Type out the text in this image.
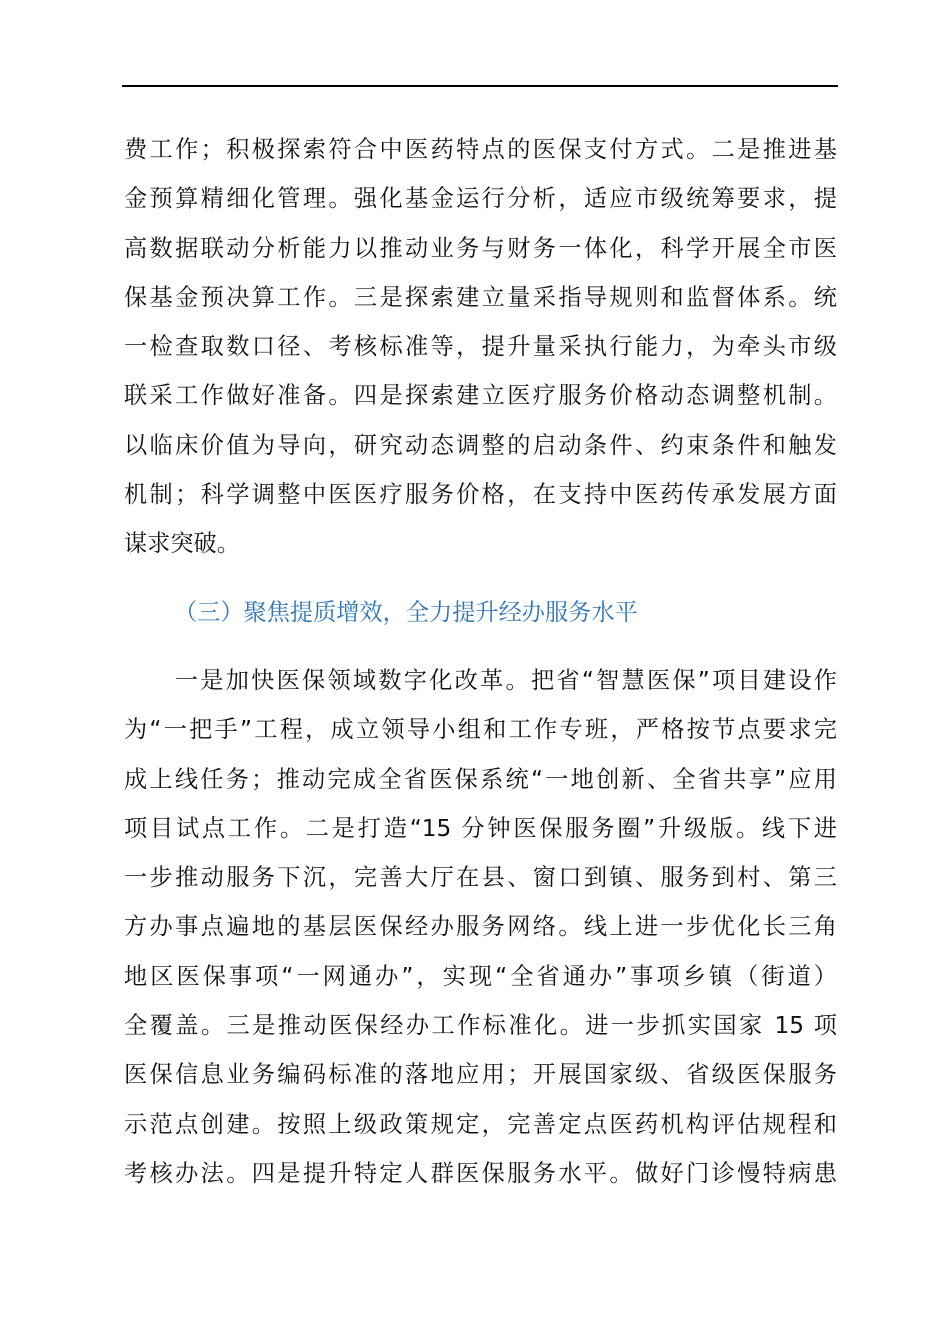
费工作；积极探索符合中医药特点的医保支付方式。二是推进基
金预算精细化管理。强化基金运行分析，适应市级统筹要求，提
高数据联动分析能力以推动业务与财务一体化，科学开展全市医
保基金预决算工作。三是探索建立量采指导规则和监督体系。统
一检查取数口径、考核标准等，提升量采执行能力，为牵头市级
联采工作做好准备。四是探索建立医疗服务价格动态调整机制。
以临床价值为导向，研究动态调整的启动条件、约束条件和触发
机制；科学调整中医医疗服务价格，在支持中医药传承发展方面
谋求突破。
（三）聚焦提质增效，全力提升经办服务水平
　　一是加快医保领域数字化改革。把省“智慧医保”项目建设作
为“一把手”工程，成立领导小组和工作专班，严格按节点要求完
成上线任务；推动完成全省医保系统“一地创新、全省共享”应用
项目试点工作。二是打造“15 分钟医保服务圈”升级版。线下进
一步推动服务下沉，完善大厅在县、窗口到镇、服务到村、第三
方办事点遍地的基层医保经办服务网络。线上进一步优化长三角
地区医保事项“一网通办”，实现“全省通办”事项乡镇（街道）
全覆盖。三是推动医保经办工作标准化。进一步抓实国家 15 项
医保信息业务编码标准的落地应用；开展国家级、省级医保服务
示范点创建。按照上级政策规定，完善定点医药机构评估规程和
考核办法。四是提升特定人群医保服务水平。做好门诊慢特病患
